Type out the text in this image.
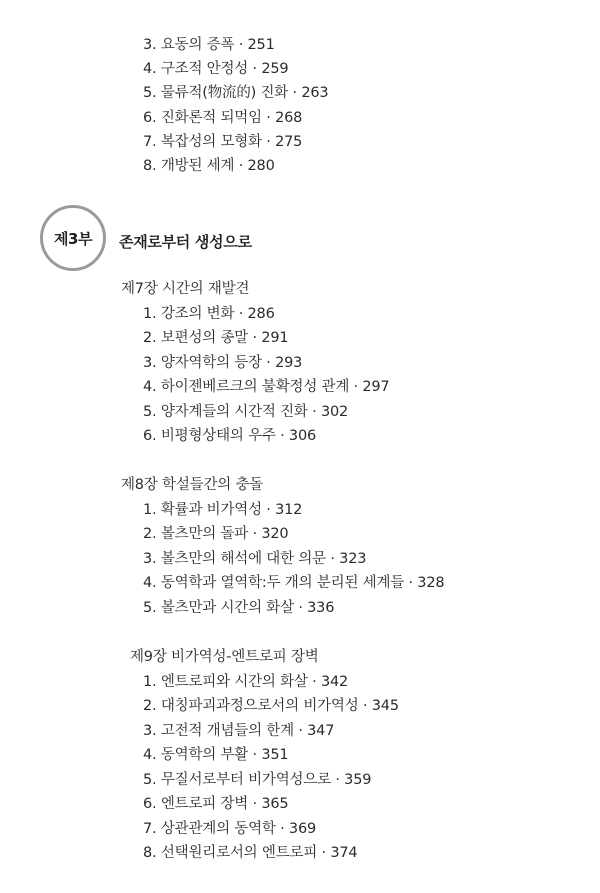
3. 요동의 증폭 · 251
4. 구조적 안정성 · 259
5. 물류적(物流的) 진화 · 263
6. 진화론적 되먹임 · 268
7. 복잡성의 모형화 · 275
8. 개방된 세계 · 280
제3부 존재로부터 생성으로
제7장 시간의 재발견
1. 강조의 변화 · 286
2. 보편성의 종말 · 291
3. 양자역학의 등장 · 293
4. 하이젠베르크의 불확정성 관계 · 297
5. 양자계들의 시간적 진화 · 302
6. 비평형상태의 우주 · 306
제8장 학설들간의 충돌
1. 확률과 비가역성 · 312
2. 볼츠만의 돌파 · 320
3. 볼츠만의 해석에 대한 의문 · 323
4. 동역학과 열역학:두 개의 분리된 세계들 · 328
5. 볼츠만과 시간의 화살 · 336
제9장 비가역성-엔트로피 장벽
1. 엔트로피와 시간의 화살 · 342
2. 대칭파괴과정으로서의 비가역성 · 345
3. 고전적 개념들의 한계 · 347
4. 동역학의 부활 · 351
5. 무질서로부터 비가역성으로 · 359
6. 엔트로피 장벽 · 365
7. 상관관계의 동역학 · 369
8. 선택원리로서의 엔트로피 · 374
